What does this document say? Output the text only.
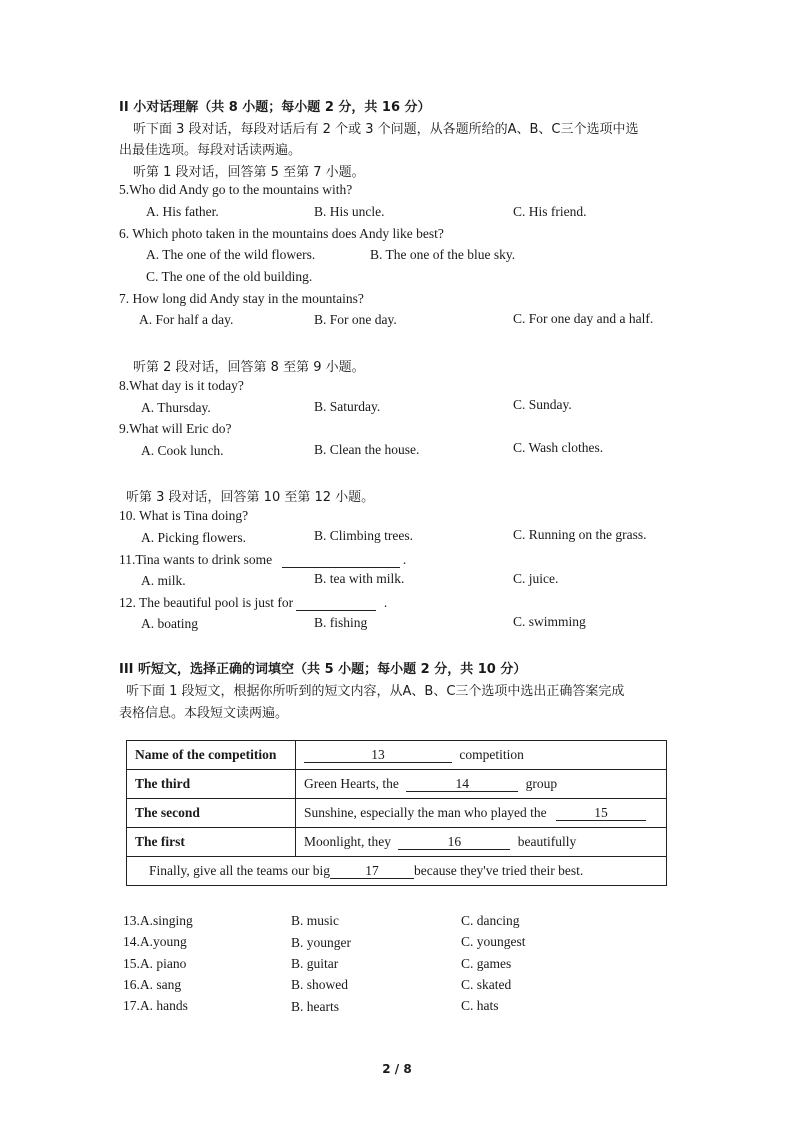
II 小对话理解（共 8 小题；每小题 2 分，共 16 分）
听下面 3 段对话，每段对话后有 2 个或 3 个问题，从各题所给的A、B、C三个选项中选
出最佳选项。每段对话读两遍。
听第 1 段对话，回答第 5 至第 7 小题。
5.Who did Andy go to the mountains with?
A. His father.	B. His uncle.	C. His friend.
6. Which photo taken in the mountains does Andy like best?
A. The one of the wild flowers.	B. The one of the blue sky.
C. The one of the old building.
7. How long did Andy stay in the mountains?
A. For half a day.	B. For one day.	C. For one day and a half.
听第 2 段对话，回答第 8 至第 9 小题。
8.What day is it today?
A. Thursday.	B. Saturday.	C. Sunday.
9.What will Eric do?
A. Cook lunch.	B. Clean the house.	C. Wash clothes.
听第 3 段对话，回答第 10 至第 12 小题。
10. What is Tina doing?
A. Picking flowers.	B. Climbing trees.	C. Running on the grass.
11.Tina wants to drink some	.
A. milk.	B. tea with milk.	C. juice.
12. The beautiful pool is just for	.
A. boating	B. fishing	C. swimming
III 听短文，选择正确的词填空（共 5 小题；每小题 2 分，共 10 分）
听下面 1 段短文，根据你所听到的短文内容，从A、B、C三个选项中选出正确答案完成
表格信息。本段短文读两遍。
Name of the competition	13 competition
The third	Green Hearts, the 14 group
The second	Sunshine, especially the man who played the 15
The first	Moonlight, they 16 beautifully
Finally, give all the teams our big 17 because they've tried their best.	
13.A.singing	B. music	C. dancing
14.A.young	B. younger	C. youngest
15.A. piano	B. guitar	C. games
16.A. sang	B. showed	C. skated
17.A. hands	B. hearts	C. hats
2 / 8
